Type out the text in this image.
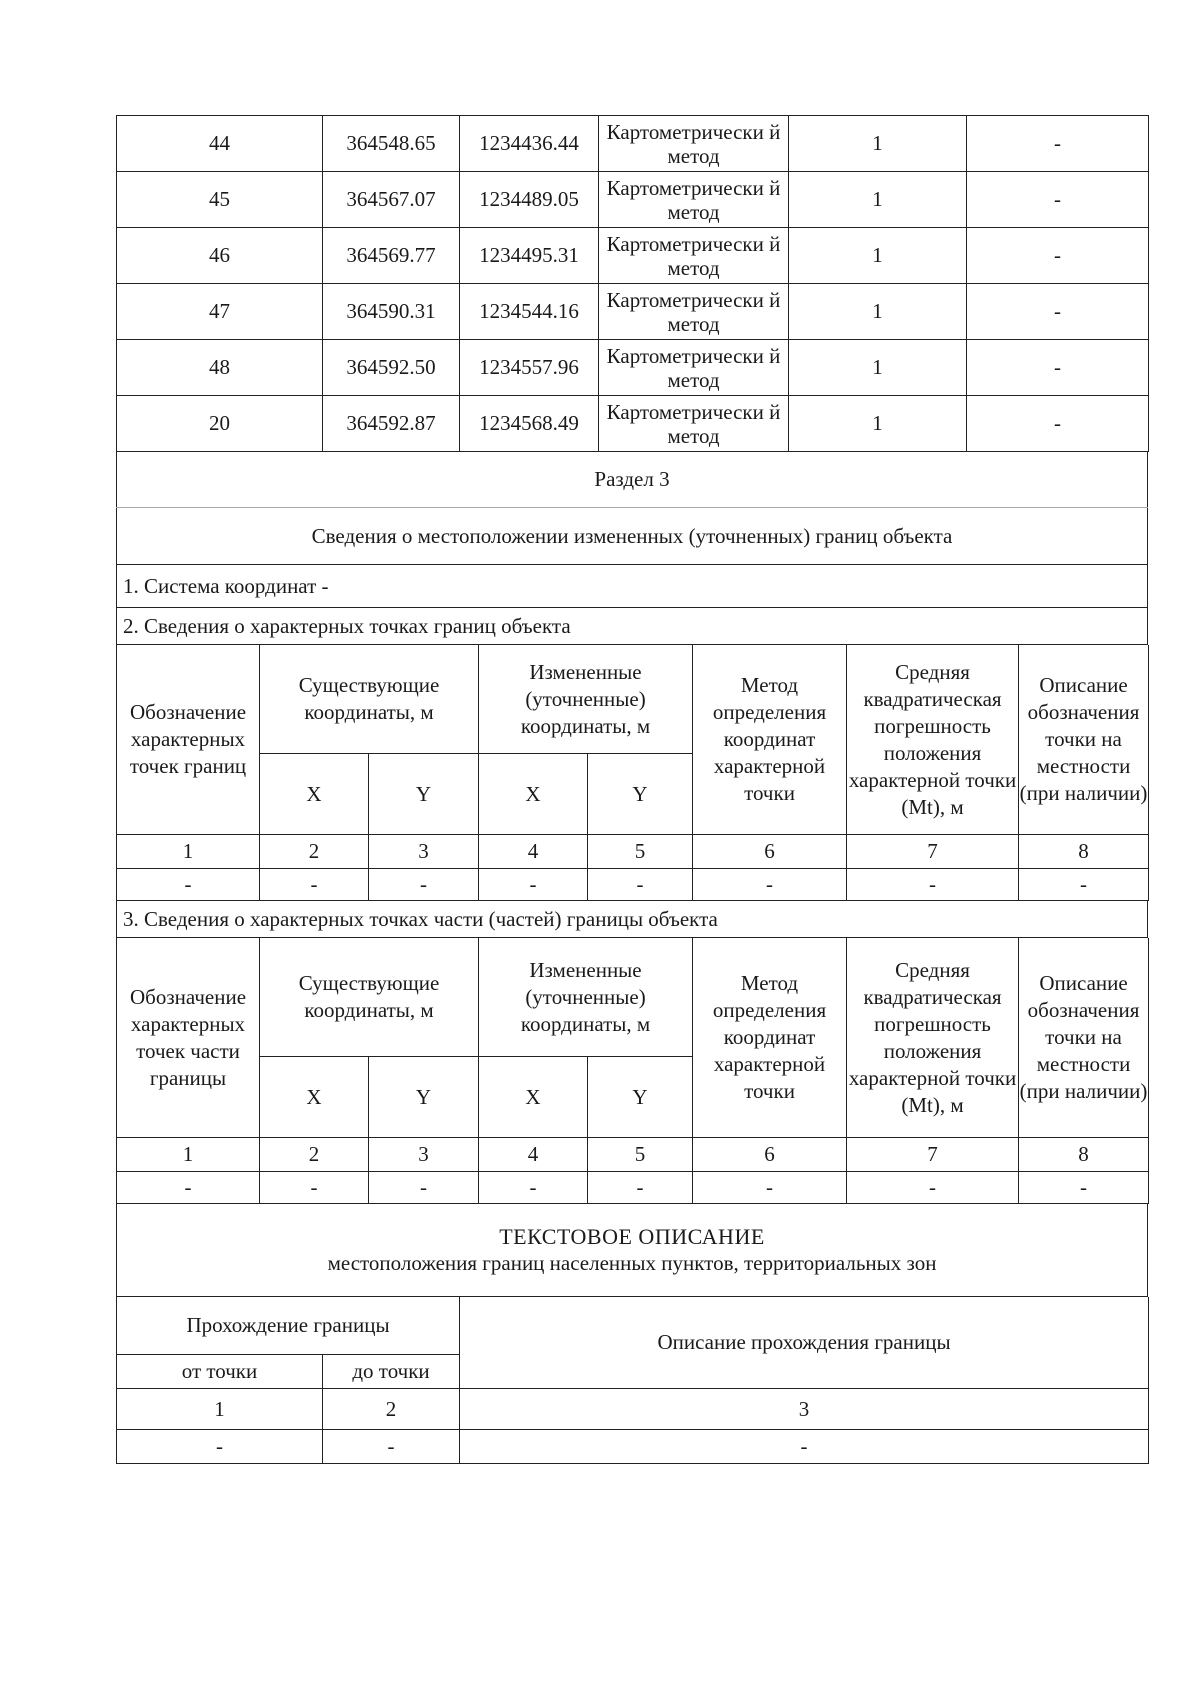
44	364548.65	1234436.44	Картометрически й метод	1	-
45	364567.07	1234489.05	Картометрически й метод	1	-
46	364569.77	1234495.31	Картометрически й метод	1	-
47	364590.31	1234544.16	Картометрически й метод	1	-
48	364592.50	1234557.96	Картометрически й метод	1	-
20	364592.87	1234568.49	Картометрически й метод	1	-
Раздел 3
Сведения о местоположении измененных (уточненных) границ объекта
1. Система координат -
2. Сведения о характерных точках границ объекта
Обозначение характерных точек границ	Существующие координаты, м		Измененные (уточненные) координаты, м		Метод определения координат характерной точки	Средняя квадратическая погрешность положения характерной точки (Mt), м	Описание обозначения точки на местности (при наличии)
	X	Y	X	Y			
1	2	3	4	5	6	7	8
-	-	-	-	-	-	-	-
3. Сведения о характерных точках части (частей) границы объекта
Обозначение характерных точек части границы	Существующие координаты, м		Измененные (уточненные) координаты, м		Метод определения координат характерной точки	Средняя квадратическая погрешность положения характерной точки (Mt), м	Описание обозначения точки на местности (при наличии)
	X	Y	X	Y			
1	2	3	4	5	6	7	8
-	-	-	-	-	-	-	-
ТЕКСТОВОЕ ОПИСАНИЕ
местоположения границ населенных пунктов, территориальных зон
Прохождение границы		Описание прохождения границы
от точки	до точки	
1	2	3
-	-	-
